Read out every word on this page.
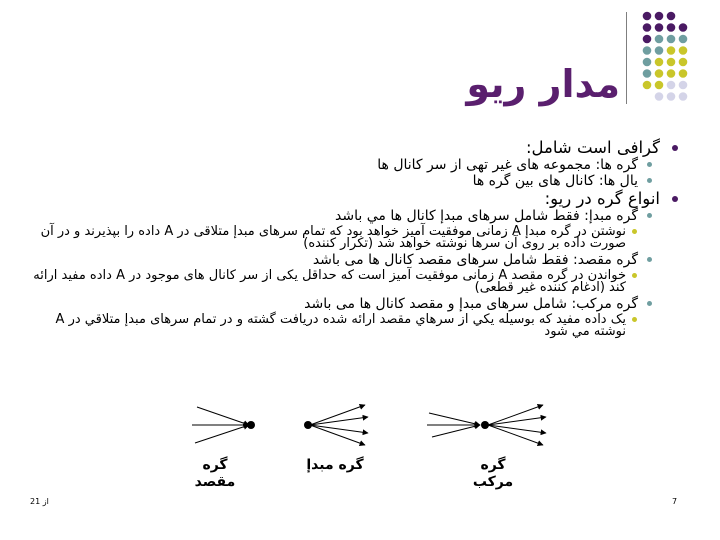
مدار ريو
گرافی است شامل:
گره ها: مجموعه های غیر تهی از سر کانال ها
یال ها: کانال های بین گره ها
انواع گره در ریو:
گره مبدإ: فقط شامل سرهای مبدإ کانال ها مي باشد
نوشتن در گره مبدإ A زمانی موفقیت آمیز خواهد بود که تمام سرهای مبدإ متلاقی در A داده را بپذیرند و در آن صورت داده بر روی آن سرها نوشته خواهد شد (تکرار کننده)
گره مقصد: فقط شامل سرهای مقصد کانال ها می باشد
خواندن در گره مقصد A زمانی موفقیت آمیز است که حداقل یکی از سر کانال های موجود در A داده مفید ارائه کند (ادغام کننده غیر قطعی)
گره مرکب: شامل سرهای مبدإ و مقصد کانال ها می باشد
یک داده مفید که بوسیله يکي از سرهاي مقصد ارائه شده دریافت گشته و در تمام سرهای مبدإ متلاقي در A نوشته مي شود
گره مقصد
گره مبدإ	گره مرکب
از 21	7
